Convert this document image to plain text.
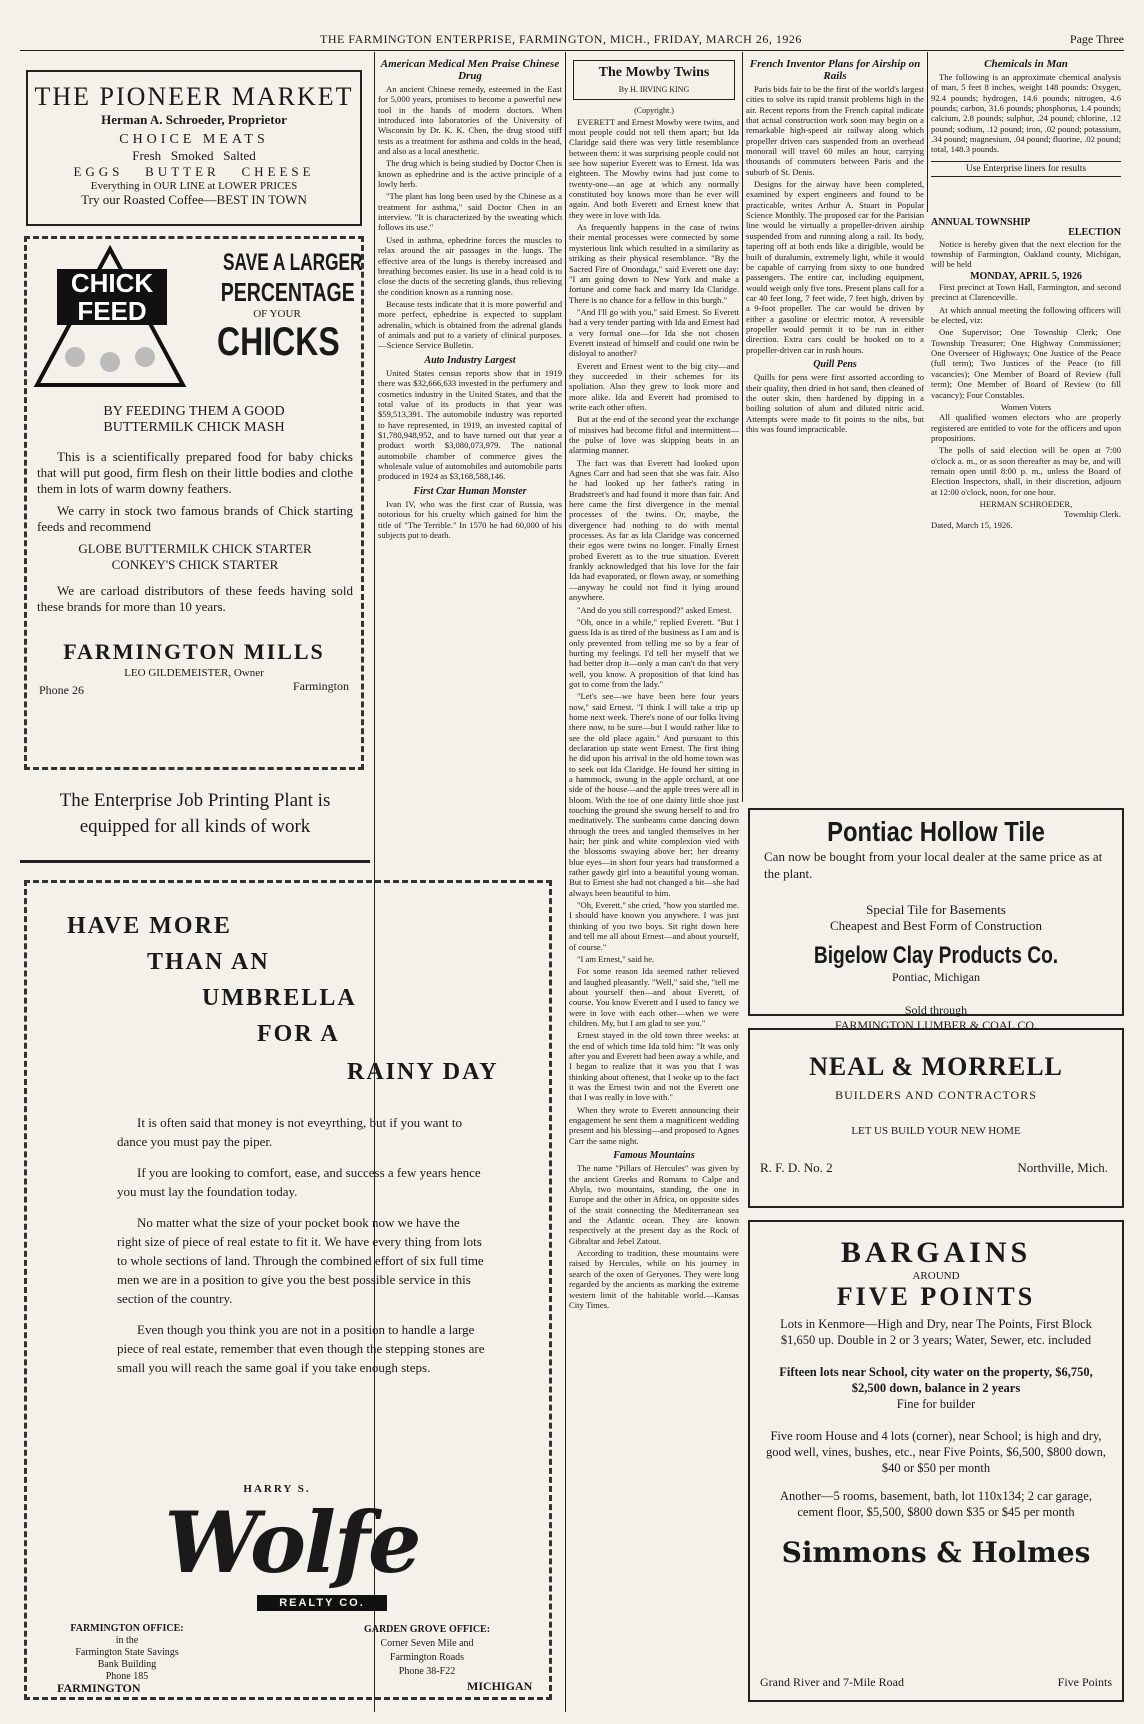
THE FARMINGTON ENTERPRISE, FARMINGTON, MICH., FRIDAY, MARCH 26, 1926	Page Three
THE PIONEER MARKET
Herman A. Schroeder, Proprietor
CHOICE MEATS
Fresh   Smoked   Salted
EGGS   BUTTER   CHEESE
Everything in OUR LINE at LOWER PRICES
Try our Roasted Coffee—BEST IN TOWN
CHICK
FEED
SAVE A LARGER
PERCENTAGE
OF YOUR
CHICKS
BY FEEDING THEM A GOOD
BUTTERMILK CHICK MASH

This is a scientifically prepared food for baby chicks that will put good, firm flesh on their little bodies and clothe them in lots of warm downy feathers.

We carry in stock two famous brands of Chick starting feeds and recommend

GLOBE BUTTERMILK CHICK STARTER
CONKEY'S CHICK STARTER

We are carload distributors of these feeds having sold these brands for more than 10 years.

FARMINGTON MILLS
LEO GILDEMEISTER, Owner
Phone 26	Farmington
The Enterprise Job Printing Plant is
equipped for all kinds of work
HAVE MORE
THAN AN
UMBRELLA
FOR A
RAINY DAY

It is often said that money is not eveyrthing, but if you want to dance you must pay the piper.

If you are looking to comfort, ease, and success a few years hence you must lay the foundation today.

No matter what the size of your pocket book now we have the right size of piece of real estate to fit it. We have every thing from lots to whole sections of land. Through the combined effort of six full time men we are in a position to give you the best possible service in this section of the country.

Even though you think you are not in a position to handle a large piece of real estate, remember that even though the stepping stones are small you will reach the same goal if you take enough steps.

HARRY S.
Wolfe
REALTY CO.
FARMINGTON OFFICE:
in the
Farmington State Savings
Bank Building
Phone 185
FARMINGTON
GARDEN GROVE OFFICE:
Corner Seven Mile and
Farmington Roads
Phone 38-F22
MICHIGAN
American Medical Men Praise Chinese Drug

An ancient Chinese remedy, esteemed in the East for 5,000 years, promises to become a powerful new tool in the hands of modern doctors. When introduced into laboratories of the University of Wisconsin by Dr. K. K. Chen, the drug stood stiff tests as a treatment for asthma and colds in the head, and also as a local anesthetic.

The drug which is being studied by Doctor Chen is known as ephedrine and is the active principle of a lowly herb.

"The plant has long been used by the Chinese as a treatment for asthma," said Doctor Chen in an interview. "It is characterized by the sweating which follows its use."

Used in asthma, ephedrine forces the muscles to relax around the air passages in the lungs. The effective area of the lungs is thereby increased and breathing becomes easier. Its use in a head cold is to close the ducts of the secreting glands, thus relieving the condition known as a running nose.

Because tests indicate that it is more powerful and more perfect, ephedrine is expected to supplant adrenalin, which is obtained from the adrenal glands of animals and put to a variety of clinical purposes.—Science Service Bulletin.

Auto Industry Largest

United States census reports show that in 1919 there was $32,666,633 invested in the perfumery and cosmetics industry in the United States, and that the total value of its products in that year was $59,513,391. The automobile industry was reported to have represented, in 1919, an invested capital of $1,780,948,952, and to have turned out that year a product worth $3,080,073,979. The national automobile chamber of commerce gives the wholesale value of automobiles and automobile parts produced in 1924 as $3,168,588,146.

First Czar Human Monster

Ivan IV, who was the first czar of Russia, was notorious for his cruelty which gained for him the title of "The Terrible." In 1570 he had 60,000 of his subjects put to death.

The Mowby Twins
By H. IRVING KING
(Copyright.)

EVERETT and Ernest Mowby were twins, and most people could not tell them apart; but Ida Claridge said there was very little resemblance between them: it was surprising people could not see how superior Everett was to Ernest. Ida was eighteen. The Mowby twins had just come to twenty-one—an age at which any normally constituted boy knows more than he ever will again. And both Everett and Ernest knew that they were in love with Ida.

As frequently happens in the case of twins their mental processes were connected by some mysterious link which resulted in a similarity as striking as their physical resemblance. "By the Sacred Fire of Onondaga," said Everett one day: "I am going down to New York and make a fortune and come back and marry Ida Claridge. There is no chance for a fellow in this burgh."

"And I'll go with you," said Ernest. So Everett had a very tender parting with Ida and Ernest had a very formal one—for Ida she not chosen Everett instead of himself and could one twin be disloyal to another?

Everett and Ernest went to the big city—and they succeeded in their schemes for its spoliation. Also they grew to look more and more alike. Ida and Everett had promised to write each other often.

But at the end of the second year the exchange of missives had become fitful and intermittent—the pulse of love was skipping beats in an alarming manner.

The fact was that Everett had looked upon Agnes Carr and had seen that she was fair. Also he had looked up her father's rating in Bradstreet's and had found it more than fair. And here came the first divergence in the mental processes of the twins. Or, maybe, the divergence had nothing to do with mental processes. As far as Ida Claridge was concerned their egos were twins no longer. Finally Ernest probed Everett as to the true situation. Everett frankly acknowledged that his love for the fair Ida had evaporated, or flown away, or something—anyway he could not find it lying around anywhere.

"And do you still correspond?" asked Ernest.

"Oh, once in a while," replied Everett. "But I guess Ida is as tired of the business as I am and is only prevented from telling me so by a fear of hurting my feelings. I'd tell her myself that we had better drop it—only a man can't do that very well, you know. A proposition of that kind has got to come from the lady."

"Let's see—we have been here four years now," said Ernest. "I think I will take a trip up home next week. There's none of our folks living there now, to be sure—but I would rather like to see the old place again." And pursuant to this declaration up state went Ernest. The first thing he did upon his arrival in the old home town was to seek out Ida Claridge. He found her sitting in a hammock, swung in the apple orchard, at one side of the house—and the apple trees were all in bloom. With the toe of one dainty little shoe just touching the ground she swung herself to and fro meditatively. The sunbeams came dancing down through the trees and tangled themselves in her hair; her pink and white complexion vied with the blossoms swaying above her; her dreamy blue eyes—in short four years had transformed a rather gawdy girl into a beautiful young woman. But to Ernest she had not changed a bit—she had always been beautiful to him.

"Oh, Everett," she cried, "how you startled me. I should have known you anywhere. I was just thinking of you two boys. Sit right down here and tell me all about Ernest—and about yourself, of course."

"I am Ernest," said he.

For some reason Ida seemed rather relieved and laughed pleasantly. "Well," said she, "tell me about yourself then—and about Everett, of course. You know Everett and I used to fancy we were in love with each other—when we were children. My, but I am glad to see you."

Ernest stayed in the old town three weeks: at the end of which time Ida told him: "It was only after you and Everett had been away a while, and I began to realize that it was you that I was thinking about oftenest, that I woke up to the fact it was the Ernest twin and not the Everett one that I was really in love with."

When they wrote to Everett announcing their engagement he sent them a magnificent wedding present and his blessing—and proposed to Agnes Carr the same night.

Famous Mountains

The name "Pillars of Hercules" was given by the ancient Greeks and Romans to Calpe and Abyla, two mountains, standing, the one in Europe and the other in Africa, on opposite sides of the strait connecting the Mediterranean sea and the Atlantic ocean. They are known respectively at the present day as the Rock of Gibraltar and Jebel Zatout.

According to tradition, these mountains were raised by Hercules, while on his journey in search of the oxen of Geryones. They were long regarded by the ancients as marking the extreme western limit of the habitable world.—Kansas City Times.

French Inventor Plans for Airship on Rails

Paris bids fair to be the first of the world's largest cities to solve its rapid transit problems high in the air. Recent reports from the French capital indicate that actual construction work soon may begin on a remarkable high-speed air railway along which propeller driven cars suspended from an overhead monorail will travel 60 miles an hour, carrying thousands of commuters between Paris and the suburb of St. Denis.

Designs for the airway have been completed, examined by expert engineers and found to be practicable, writes Arthur A. Stuart in Popular Science Monthly. The proposed car for the Parisian line would be virtually a propeller-driven airship suspended from and running along a rail. Its body, tapering off at both ends like a dirigible, would be built of duralumin, extremely light, while it would be capable of carrying from sixty to one hundred passengers. The entire car, including equipment, would weigh only five tons. Present plans call for a car 40 feet long, 7 feet wide, 7 feet high, driven by a 9-foot propeller. The car would be driven by either a gasoline or electric motor. A reversible propeller would permit it to be run in either direction. Extra cars could be hooked on to a propeller-driven car in rush hours.

Quill Pens

Quills for pens were first assorted according to their quality, then dried in hot sand, then cleaned of the outer skin, then hardened by dipping in a boiling solution of alum and diluted nitric acid. Attempts were made to fit points to the nibs, but this was found impracticable.

Chemicals in Man

The following is an approximate chemical analysis of man, 5 feet 8 inches, weight 148 pounds: Oxygen, 92.4 pounds; hydrogen, 14.6 pounds; nitrogen, 4.6 pounds; carbon, 31.6 pounds; phosphorus, 1.4 pounds; calcium, 2.8 pounds; sulphur, .24 pound; chlorine, .12 pound; sodium, .12 pound; iron, .02 pound; potassium, .34 pound; magnesium, .04 pound; fluorine, .02 pound; total, 148.3 pounds.

Use Enterprise liners for results
ANNUAL TOWNSHIP
ELECTION

Notice is hereby given that the next election for the township of Farmington, Oakland county, Michigan, will be held

MONDAY, APRIL 5, 1926

First precinct at Town Hall, Farmington, and second precinct at Clarenceville.

At which annual meeting the following officers will be elected, viz:

One Supervisor; One Township Clerk; One Township Treasurer; One Highway Commissioner; One Overseer of Highways; One Justice of the Peace (full term); Two Justices of the Peace (to fill vacancies); One Member of Board of Review (full term); One Member of Board of Review (to fill vacancy); Four Constables.

Women Voters

All qualified women electors who are properly registered are entitled to vote for the officers and upon propositions.

The polls of said election will be open at 7:00 o'clock a. m., or as soon thereafter as may be, and will remain open until 8:00 p. m., unless the Board of Election Inspectors, shall, in their discretion, adjourn at 12:00 o'clock, noon, for one hour.

HERMAN SCHROEDER,
Township Clerk.
Dated, March 15, 1926.
Pontiac Hollow Tile
Can now be bought from your local dealer at the same price as at the plant.
Special Tile for Basements
Cheapest and Best Form of Construction
Bigelow Clay Products Co.
Pontiac, Michigan
Sold through
FARMINGTON LUMBER & COAL CO.
NEAL & MORRELL
BUILDERS AND CONTRACTORS
LET US BUILD YOUR NEW HOME
R. F. D. No. 2	Northville, Mich.
BARGAINS
AROUND
FIVE POINTS
Lots in Kenmore—High and Dry, near The Points, First Block $1,650 up. Double in 2 or 3 years; Water, Sewer, etc. included
Fifteen lots near School, city water on the property, $6,750, $2,500 down, balance in 2 years
Fine for builder
Five room House and 4 lots (corner), near School; is high and dry, good well, vines, bushes, etc., near Five Points, $6,500, $800 down, $40 or $50 per month
Another—5 rooms, basement, bath, lot 110x134; 2 car garage, cement floor, $5,500, $800 down $35 or $45 per month
Simmons & Holmes
Grand River and 7-Mile Road	Five Points
